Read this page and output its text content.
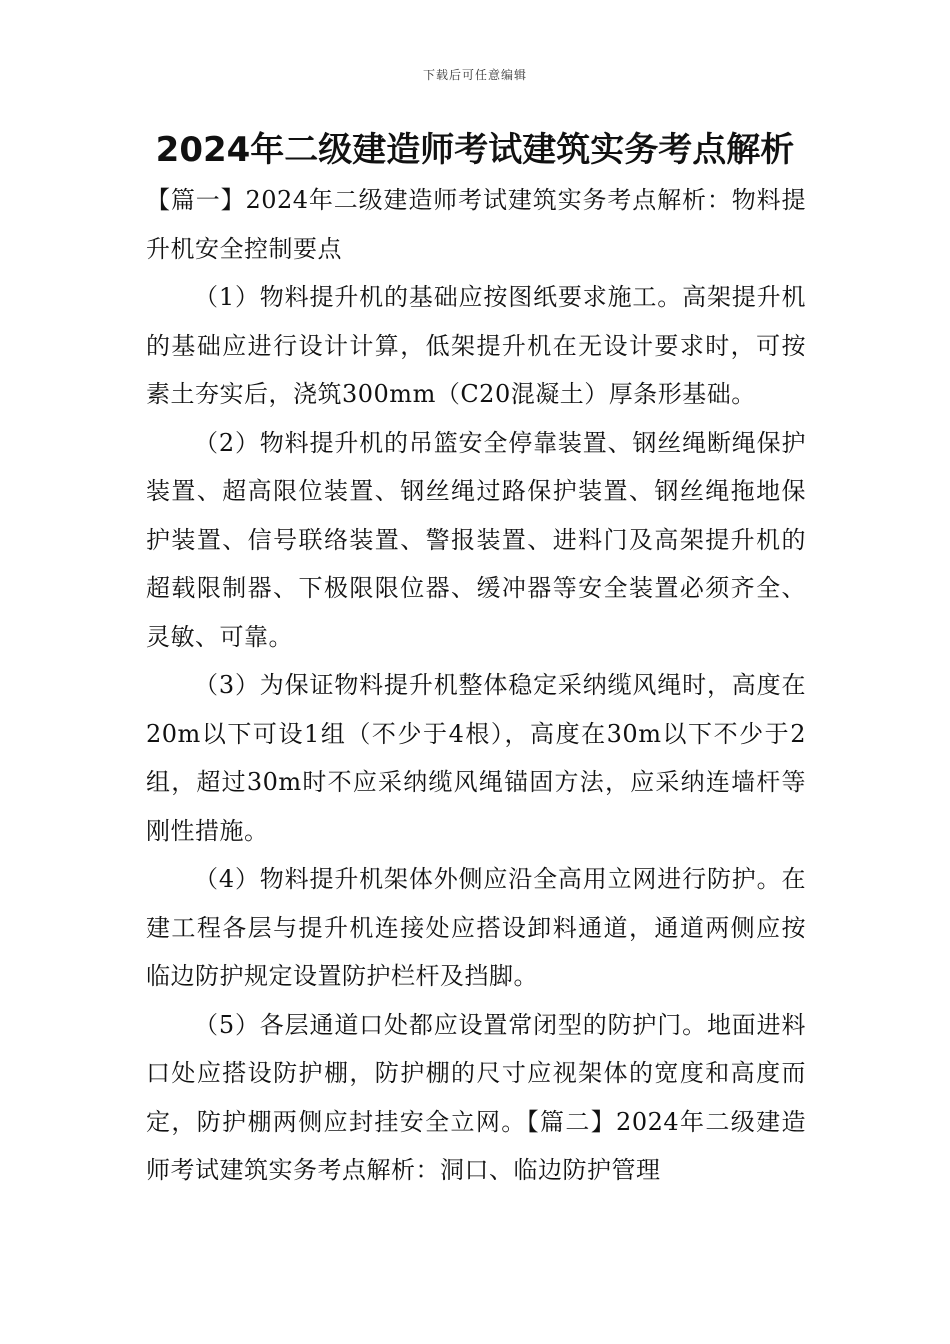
下载后可任意编辑
2024年二级建造师考试建筑实务考点解析

【篇一】2024年二级建造师考试建筑实务考点解析：物料提升机安全控制要点

（1）物料提升机的基础应按图纸要求施工。高架提升机的基础应进行设计计算，低架提升机在无设计要求时，可按素土夯实后，浇筑300mm（C20混凝土）厚条形基础。

（2）物料提升机的吊篮安全停靠装置、钢丝绳断绳保护装置、超高限位装置、钢丝绳过路保护装置、钢丝绳拖地保护装置、信号联络装置、警报装置、进料门及高架提升机的超载限制器、下极限限位器、缓冲器等安全装置必须齐全、灵敏、可靠。

（3）为保证物料提升机整体稳定采纳缆风绳时，高度在20m以下可设1组（不少于4根），高度在30m以下不少于2组，超过30m时不应采纳缆风绳锚固方法，应采纳连墙杆等刚性措施。

（4）物料提升机架体外侧应沿全高用立网进行防护。在建工程各层与提升机连接处应搭设卸料通道，通道两侧应按临边防护规定设置防护栏杆及挡脚。

（5）各层通道口处都应设置常闭型的防护门。地面进料口处应搭设防护棚，防护棚的尺寸应视架体的宽度和高度而定，防护棚两侧应封挂安全立网。【篇二】2024年二级建造师考试建筑实务考点解析：洞口、临边防护管理
